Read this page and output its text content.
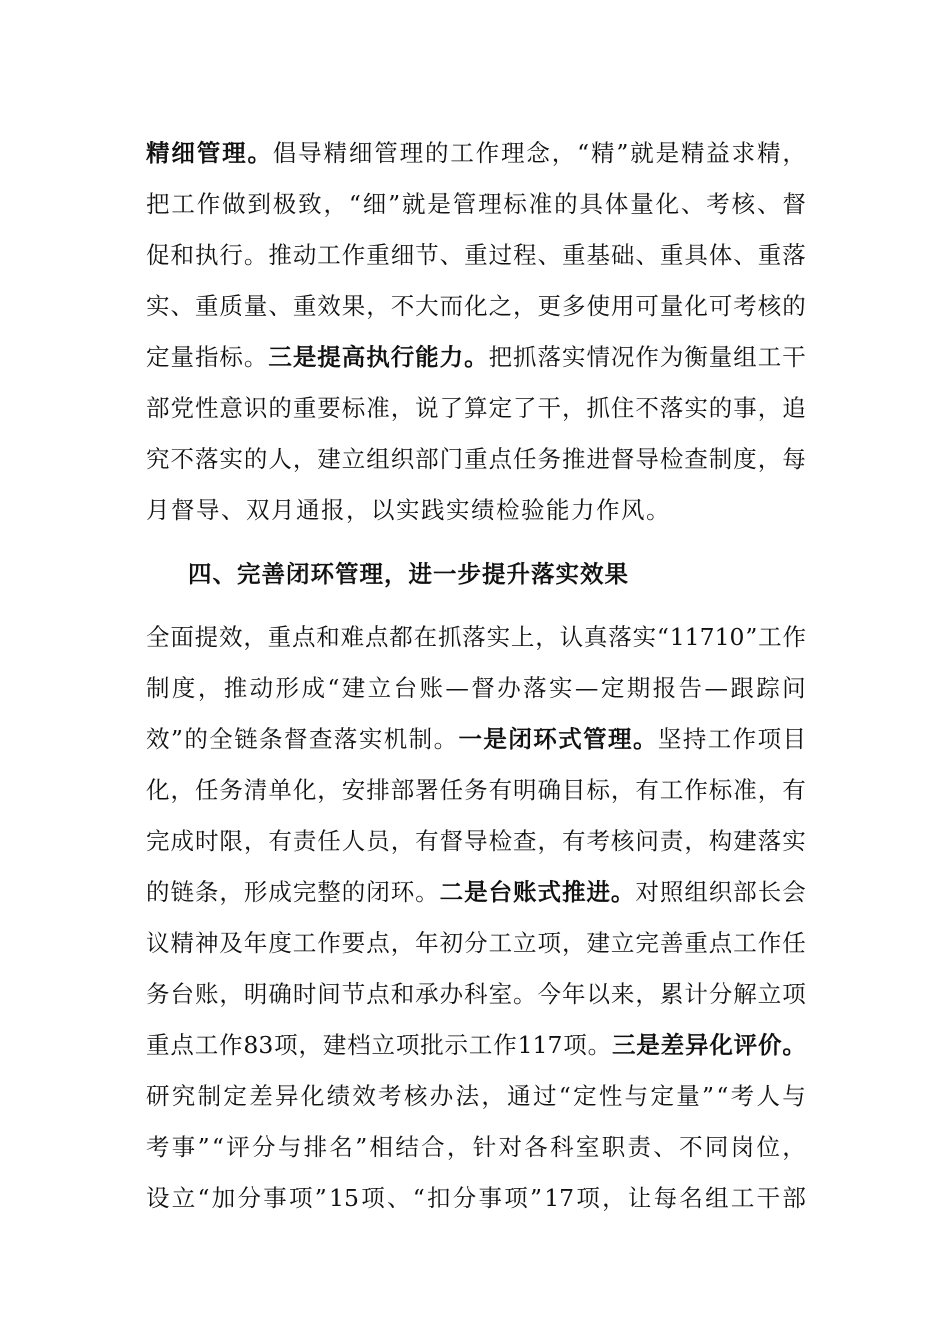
精 细 管 理 。 倡 导 精 细 管 理 的 工 作 理 念 ， “ 精 ” 就 是 精 益 求 精 ，
把 工 作 做 到 极 致 ， “ 细 ” 就 是 管 理 标 准 的 具 体 量 化 、 考 核 、 督
促 和 执 行 。 推 动 工 作 重 细 节 、 重 过 程 、 重 基 础 、 重 具 体 、 重 落
实 、 重 质 量 、 重 效 果 ， 不 大 而 化 之 ， 更 多 使 用 可 量 化 可 考 核 的
定 量 指 标 。 三 是 提 高 执 行 能 力 。 把 抓 落 实 情 况 作 为 衡 量 组 工 干
部 党 性 意 识 的 重 要 标 准 ， 说 了 算 定 了 干 ， 抓 住 不 落 实 的 事 ， 追
究 不 落 实 的 人 ， 建 立 组 织 部 门 重 点 任 务 推 进 督 导 检 查 制 度 ， 每
月督导、双月通报，以实践实绩检验能力作风。
四、完善闭环管理，进一步提升落实效果
全 面 提 效 ， 重 点 和 难 点 都 在 抓 落 实 上 ， 认 真 落 实 “ 11710 ” 工 作
制 度 ， 推 动 形 成 “ 建 立 台 账 — 督 办 落 实 — 定 期 报 告 — 跟 踪 问
效 ” 的 全 链 条 督 查 落 实 机 制 。 一 是 闭 环 式 管 理 。 坚 持 工 作 项 目
化 ， 任 务 清 单 化 ， 安 排 部 署 任 务 有 明 确 目 标 ， 有 工 作 标 准 ， 有
完 成 时 限 ， 有 责 任 人 员 ， 有 督 导 检 查 ， 有 考 核 问 责 ， 构 建 落 实
的 链 条 ， 形 成 完 整 的 闭 环 。 二 是 台 账 式 推 进 。 对 照 组 织 部 长 会
议 精 神 及 年 度 工 作 要 点 ， 年 初 分 工 立 项 ， 建 立 完 善 重 点 工 作 任
务 台 账 ， 明 确 时 间 节 点 和 承 办 科 室 。 今 年 以 来 ， 累 计 分 解 立 项
重 点 工 作 83 项 ， 建 档 立 项 批 示 工 作 117 项 。 三 是 差 异 化 评 价 。
研 究 制 定 差 异 化 绩 效 考 核 办 法 ， 通 过 “ 定 性 与 定 量 ” “ 考 人 与
考 事 ” “ 评 分 与 排 名 ” 相 结 合 ， 针 对 各 科 室 职 责 、 不 同 岗 位 ，
设 立 “ 加 分 事 项 ” 15 项 、 “ 扣 分 事 项 ” 17 项 ， 让 每 名 组 工 干 部
